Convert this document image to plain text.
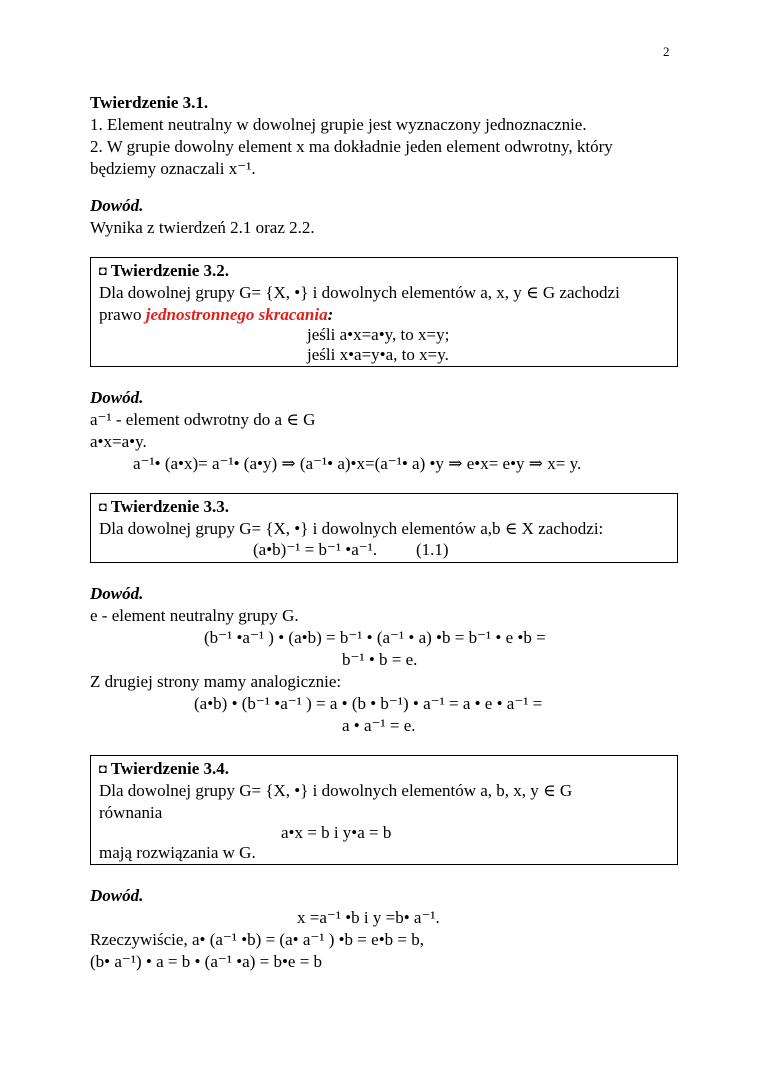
2
Twierdzenie 3.1.
1. Element neutralny w dowolnej grupie jest wyznaczony jednoznacznie.
2. W grupie dowolny element x ma dokładnie jeden element odwrotny, który
będziemy oznaczali x⁻¹.
Dowód.
Wynika z twierdzeń 2.1 oraz 2.2.
◘ Twierdzenie 3.2.
Dla dowolnej grupy G= {X, •} i dowolnych elementów a, x, y ∈ G zachodzi
prawo jednostronnego skracania:
jeśli a•x=a•y, to x=y;
jeśli x•a=y•a, to x=y.
Dowód.
a⁻¹ - element odwrotny do a ∈ G
a•x=a•y.
a⁻¹• (a•x)= a⁻¹• (a•y) ⇒ (a⁻¹• a)•x=(a⁻¹• a) •y ⇒ e•x= e•y ⇒ x= y.
◘ Twierdzenie 3.3.
Dla dowolnej grupy G= {X, •} i dowolnych elementów a,b ∈ X zachodzi:
(a•b)⁻¹ = b⁻¹ •a⁻¹. (1.1)
Dowód.
e - element neutralny grupy G.
(b⁻¹ •a⁻¹ ) • (a•b) = b⁻¹ • (a⁻¹ • a) •b = b⁻¹ • e •b =
b⁻¹ • b = e.
Z drugiej strony mamy analogicznie:
(a•b) • (b⁻¹ •a⁻¹ ) = a • (b • b⁻¹) • a⁻¹ = a • e • a⁻¹ =
a • a⁻¹ = e.
◘ Twierdzenie 3.4.
Dla dowolnej grupy G= {X, •} i dowolnych elementów a, b, x, y ∈ G
równania
a•x = b i y•a = b
mają rozwiązania w G.
Dowód.
x =a⁻¹ •b i y =b• a⁻¹.
Rzeczywiście, a• (a⁻¹ •b) = (a• a⁻¹ ) •b = e•b = b,
(b• a⁻¹) • a = b • (a⁻¹ •a) = b•e = b
